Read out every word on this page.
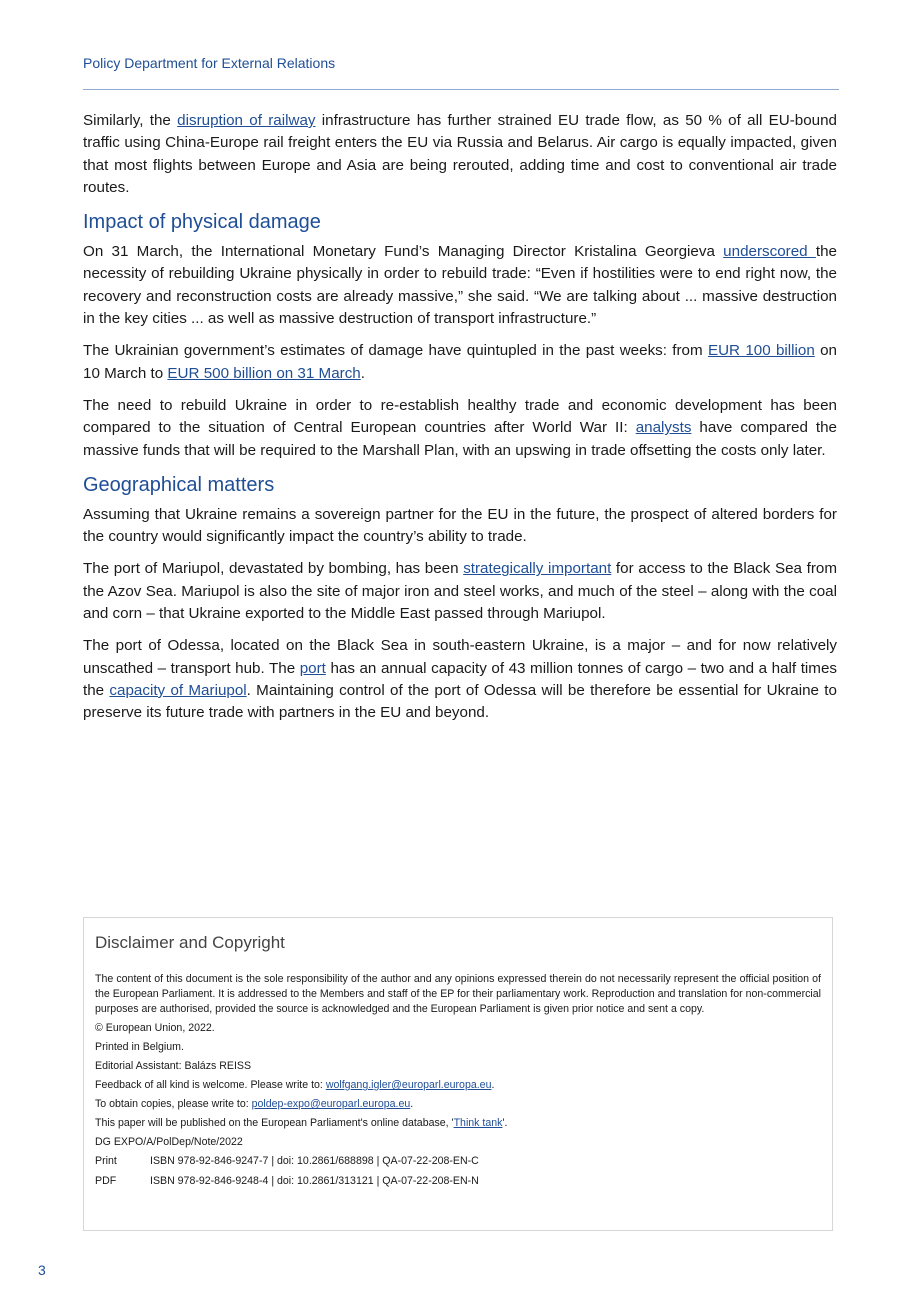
Policy Department for External Relations

Similarly, the disruption of railway infrastructure has further strained EU trade flow, as 50 % of all EU-bound traffic using China-Europe rail freight enters the EU via Russia and Belarus. Air cargo is equally impacted, given that most flights between Europe and Asia are being rerouted, adding time and cost to conventional air trade routes.

Impact of physical damage

On 31 March, the International Monetary Fund’s Managing Director Kristalina Georgieva underscored the necessity of rebuilding Ukraine physically in order to rebuild trade: “Even if hostilities were to end right now, the recovery and reconstruction costs are already massive,” she said. “We are talking about ... massive destruction in the key cities ... as well as massive destruction of transport infrastructure.”

The Ukrainian government’s estimates of damage have quintupled in the past weeks: from EUR 100 billion on 10 March to EUR 500 billion on 31 March.

The need to rebuild Ukraine in order to re-establish healthy trade and economic development has been compared to the situation of Central European countries after World War II: analysts have compared the massive funds that will be required to the Marshall Plan, with an upswing in trade offsetting the costs only later.

Geographical matters

Assuming that Ukraine remains a sovereign partner for the EU in the future, the prospect of altered borders for the country would significantly impact the country’s ability to trade.

The port of Mariupol, devastated by bombing, has been strategically important for access to the Black Sea from the Azov Sea. Mariupol is also the site of major iron and steel works, and much of the steel – along with the coal and corn – that Ukraine exported to the Middle East passed through Mariupol.

The port of Odessa, located on the Black Sea in south-eastern Ukraine, is a major – and for now relatively unscathed – transport hub. The port has an annual capacity of 43 million tonnes of cargo – two and a half times the capacity of Mariupol. Maintaining control of the port of Odessa will be therefore be essential for Ukraine to preserve its future trade with partners in the EU and beyond.

Disclaimer and Copyright

The content of this document is the sole responsibility of the author and any opinions expressed therein do not necessarily represent the official position of the European Parliament. It is addressed to the Members and staff of the EP for their parliamentary work. Reproduction and translation for non-commercial purposes are authorised, provided the source is acknowledged and the European Parliament is given prior notice and sent a copy.

© European Union, 2022.
Printed in Belgium.
Editorial Assistant: Balázs REISS
Feedback of all kind is welcome. Please write to: wolfgang.igler@europarl.europa.eu.
To obtain copies, please write to: poldep-expo@europarl.europa.eu.
This paper will be published on the European Parliament's online database, 'Think tank'.
DG EXPO/A/PolDep/Note/2022
Print	ISBN 978-92-846-9247-7 | doi: 10.2861/688898 | QA-07-22-208-EN-C
PDF	ISBN 978-92-846-9248-4 | doi: 10.2861/313121 | QA-07-22-208-EN-N
3
